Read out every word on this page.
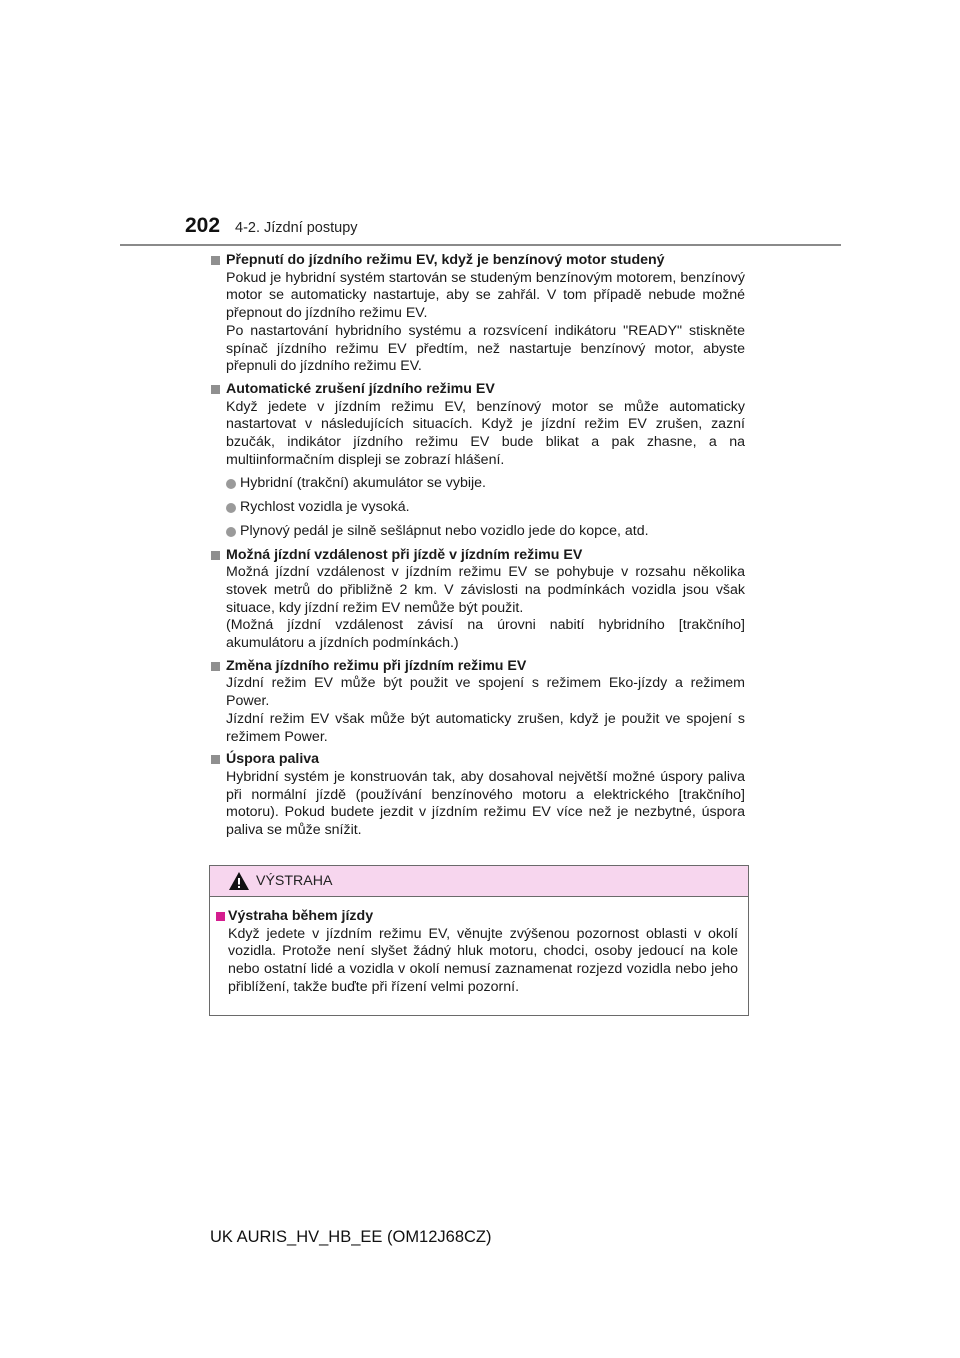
202 4-2. Jízdní postupy
Přepnutí do jízdního režimu EV, když je benzínový motor studený
Pokud je hybridní systém startován se studeným benzínovým motorem, benzínový motor se automaticky nastartuje, aby se zahřál. V tom případě nebude možné přepnout do jízdního režimu EV.
Po nastartování hybridního systému a rozsvícení indikátoru "READY" stiskněte spínač jízdního režimu EV předtím, než nastartuje benzínový motor, abyste přepnuli do jízdního režimu EV.
Automatické zrušení jízdního režimu EV
Když jedete v jízdním režimu EV, benzínový motor se může automaticky nastartovat v následujících situacích. Když je jízdní režim EV zrušen, zazní bzučák, indikátor jízdního režimu EV bude blikat a pak zhasne, a na multiinformačním displeji se zobrazí hlášení.
Hybridní (trakční) akumulátor se vybije.
Rychlost vozidla je vysoká.
Plynový pedál je silně sešlápnut nebo vozidlo jede do kopce, atd.
Možná jízdní vzdálenost při jízdě v jízdním režimu EV
Možná jízdní vzdálenost v jízdním režimu EV se pohybuje v rozsahu několika stovek metrů do přibližně 2 km. V závislosti na podmínkách vozidla jsou však situace, kdy jízdní režim EV nemůže být použit.
(Možná jízdní vzdálenost závisí na úrovni nabití hybridního [trakčního] akumulátoru a jízdních podmínkách.)
Změna jízdního režimu při jízdním režimu EV
Jízdní režim EV může být použit ve spojení s režimem Eko-jízdy a režimem Power.
Jízdní režim EV však může být automaticky zrušen, když je použit ve spojení s režimem Power.
Úspora paliva
Hybridní systém je konstruován tak, aby dosahoval největší možné úspory paliva při normální jízdě (používání benzínového motoru a elektrického [trakčního] motoru). Pokud budete jezdit v jízdním režimu EV více než je nezbytné, úspora paliva se může snížit.
VÝSTRAHA
Výstraha během jízdy
Když jedete v jízdním režimu EV, věnujte zvýšenou pozornost oblasti v okolí vozidla. Protože není slyšet žádný hluk motoru, chodci, osoby jedoucí na kole nebo ostatní lidé a vozidla v okolí nemusí zaznamenat rozjezd vozidla nebo jeho přiblížení, takže buďte při řízení velmi pozorní.
UK AURIS_HV_HB_EE (OM12J68CZ)
